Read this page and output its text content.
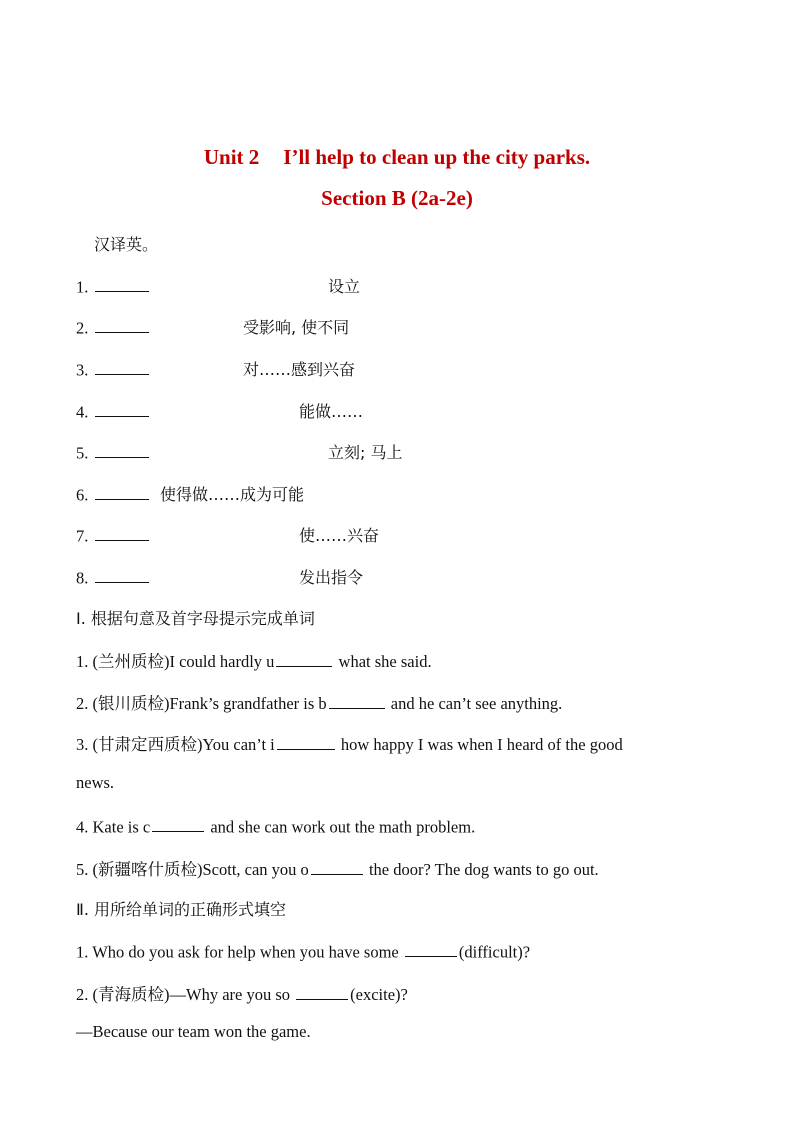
Unit 2 I’ll help to clean up the city parks.
Section B (2a-2e)
汉译英。
1.	设立
2.	受影响, 使不同
3.	对……感到兴奋
4.	能做……
5.	立刻; 马上
6.	使得做……成为可能
7.	使……兴奋
8.	发出指令
Ⅰ. 根据句意及首字母提示完成单词
1. (兰州质检)I could hardly u	what she said.
2. (银川质检)Frank’s grandfather is b	and he can’t see anything.
3. (甘肃定西质检)You can’t i	how happy I was when I heard of the good
news.
4. Kate is c	and she can work out the math problem.
5. (新疆喀什质检)Scott, can you o	the door? The dog wants to go out.
Ⅱ. 用所给单词的正确形式填空
1. Who do you ask for help when you have some	(difficult)?
2. (青海质检)—Why are you so	(excite)?
—Because our team won the game.
